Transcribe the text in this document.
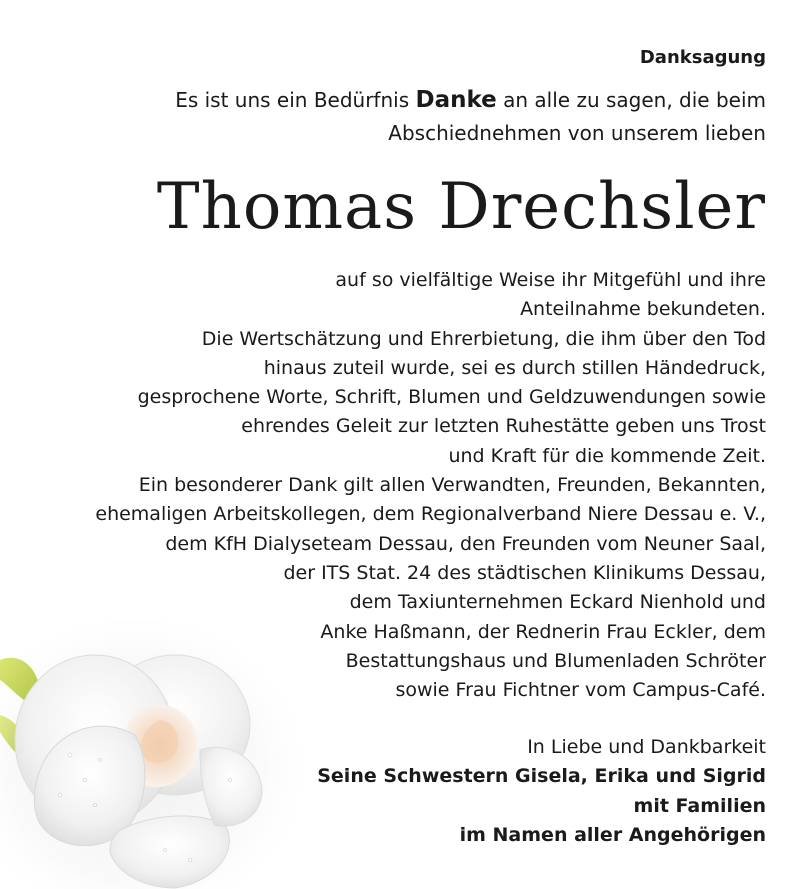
Danksagung
Es ist uns ein Bedürfnis Danke an alle zu sagen, die beim
Abschiednehmen von unserem lieben
Thomas Drechsler
auf so vielfältige Weise ihr Mitgefühl und ihre
Anteilnahme bekundeten.
Die Wertschätzung und Ehrerbietung, die ihm über den Tod
hinaus zuteil wurde, sei es durch stillen Händedruck,
gesprochene Worte, Schrift, Blumen und Geldzuwendungen sowie
ehrendes Geleit zur letzten Ruhestätte geben uns Trost
und Kraft für die kommende Zeit.
Ein besonderer Dank gilt allen Verwandten, Freunden, Bekannten,
ehemaligen Arbeitskollegen, dem Regionalverband Niere Dessau e. V.,
dem KfH Dialyseteam Dessau, den Freunden vom Neuner Saal,
der ITS Stat. 24 des städtischen Klinikums Dessau,
dem Taxiunternehmen Eckard Nienhold und
Anke Haßmann, der Rednerin Frau Eckler, dem
Bestattungshaus und Blumenladen Schröter
sowie Frau Fichtner vom Campus-Café.
In Liebe und Dankbarkeit
Seine Schwestern Gisela, Erika und Sigrid
mit Familien
im Namen aller Angehörigen
